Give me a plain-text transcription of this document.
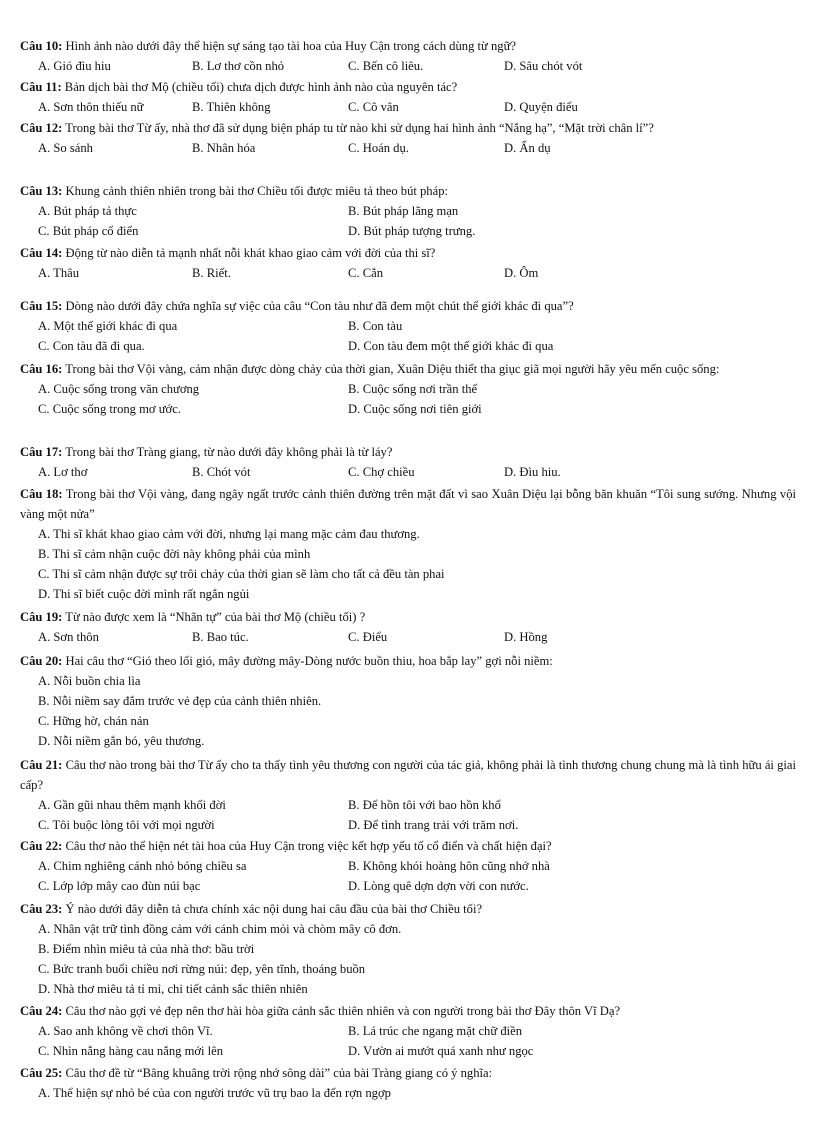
Câu 10: Hình ảnh nào dưới đây thể hiện sự sáng tạo tài hoa của Huy Cận trong cách dùng từ ngữ?
A. Gió đìu hiu	B. Lơ thơ cồn nhỏ	C. Bến cô liêu.	D. Sâu chót vót
Câu 11: Bản dịch bài thơ Mộ (chiều tối) chưa dịch được hình ảnh nào của nguyên tác?
A. Sơn thôn thiếu nữ	B. Thiên không	C. Cô vân	D. Quyện điểu
Câu 12: Trong bài thơ Từ ấy, nhà thơ đã sử dụng biện pháp tu từ nào khi sử dụng hai hình ảnh “Nắng hạ”, “Mặt trời chân lí”?
A. So sánh	B. Nhân hóa	C. Hoán dụ.	D. Ẩn dụ
Câu 13: Khung cảnh thiên nhiên trong bài thơ Chiều tối được miêu tả theo bút pháp:
A. Bút pháp tả thực	B. Bút pháp lãng mạn
C. Bút pháp cổ điển	D. Bút pháp tượng trưng.
Câu 14: Động từ nào diễn tả mạnh nhất nỗi khát khao giao cảm với đời của thi sĩ?
A. Thâu	B. Riết.	C. Cắn	D. Ôm
Câu 15: Dòng nào dưới đây chứa nghĩa sự việc của câu “Con tàu như đã đem một chút thế giới khác đi qua”?
A. Một thế giới khác đi qua	B. Con tàu
C. Con tàu đã đi qua.	D. Con tàu đem một thế giới khác đi qua
Câu 16: Trong bài thơ Vội vàng, cảm nhận được dòng chảy của thời gian, Xuân Diệu thiết tha giục giã mọi người hãy yêu mến cuộc sống:
A. Cuộc sống trong văn chương	B. Cuộc sống nơi trần thế
C. Cuộc sống trong mơ ước.	D. Cuộc sống nơi tiên giới
Câu 17: Trong bài thơ Tràng giang, từ nào dưới đây không phải là từ láy?
A. Lơ thơ	B. Chót vót	C. Chợ chiều	D. Đìu hiu.
Câu 18: Trong bài thơ Vội vàng, đang ngây ngất trước cảnh thiên đường trên mặt đất vì sao Xuân Diệu lại bỗng băn khuăn “Tôi sung sướng. Nhưng vội vàng một nửa”
A. Thi sĩ khát khao giao cảm với đời, nhưng lại mang mặc cảm đau thương.
B. Thi sĩ cảm nhận cuộc đời này không phải của mình
C. Thi sĩ cảm nhận được sự trôi chảy của thời gian sẽ làm cho tất cả đều tàn phai
D. Thi sĩ biết cuộc đời mình rất ngắn ngủi
Câu 19: Từ nào được xem là “Nhãn tự” của bài thơ Mộ (chiều tối) ?
A. Sơn thôn	B. Bao túc.	C. Điểu	D. Hồng
Câu 20: Hai câu thơ “Gió theo lối gió, mây đường mây-Dòng nước buồn thiu, hoa bắp lay” gợi nỗi niềm:
A. Nỗi buồn chia lìa
B. Nỗi niềm say đắm trước vẻ đẹp của cảnh thiên nhiên.
C. Hững hờ, chán nản
D. Nỗi niềm gắn bó, yêu thương.
Câu 21: Câu thơ nào trong bài thơ Từ ấy cho ta thấy tình yêu thương con người của tác giả, không phải là tình thương chung chung mà là tình hữu ái giai cấp?
A. Gần gũi nhau thêm mạnh khối đời	B. Để hồn tôi với bao hồn khổ
C. Tôi buộc lòng tôi với mọi người	D. Để tình trang trải với trăm nơi.
Câu 22: Câu thơ nào thể hiện nét tài hoa của Huy Cận trong việc kết hợp yếu tố cổ điển và chất hiện đại?
A. Chim nghiêng cánh nhỏ bóng chiều sa	B. Không khói hoàng hôn cũng nhớ nhà
C. Lớp lớp mây cao đùn núi bạc	D. Lòng quê dợn dợn vời con nước.
Câu 23: Ý nào dưới đây diễn tả chưa chính xác nội dung hai câu đầu của bài thơ Chiều tối?
A. Nhân vật trữ tình đồng cảm với cánh chim mỏi và chòm mây cô đơn.
B. Điểm nhìn miêu tả của nhà thơ: bầu trời
C. Bức tranh buổi chiều nơi rừng núi: đẹp, yên tĩnh, thoáng buồn
D. Nhà thơ miêu tả tỉ mỉ, chi tiết cảnh sắc thiên nhiên
Câu 24: Câu thơ nào gợi vẻ đẹp nên thơ hài hòa giữa cảnh sắc thiên nhiên và con người trong bài thơ Đây thôn Vĩ Dạ?
A. Sao anh không về chơi thôn Vĩ.	B. Lá trúc che ngang mặt chữ điền
C. Nhìn nắng hàng cau nắng mới lên	D. Vườn ai mướt quá xanh như ngọc
Câu 25: Câu thơ đề từ “Bâng khuâng trời rộng nhớ sông dài” của bài Tràng giang có ý nghĩa:
A. Thể hiện sự nhỏ bé của con người trước vũ trụ bao la đến rợn ngợp
